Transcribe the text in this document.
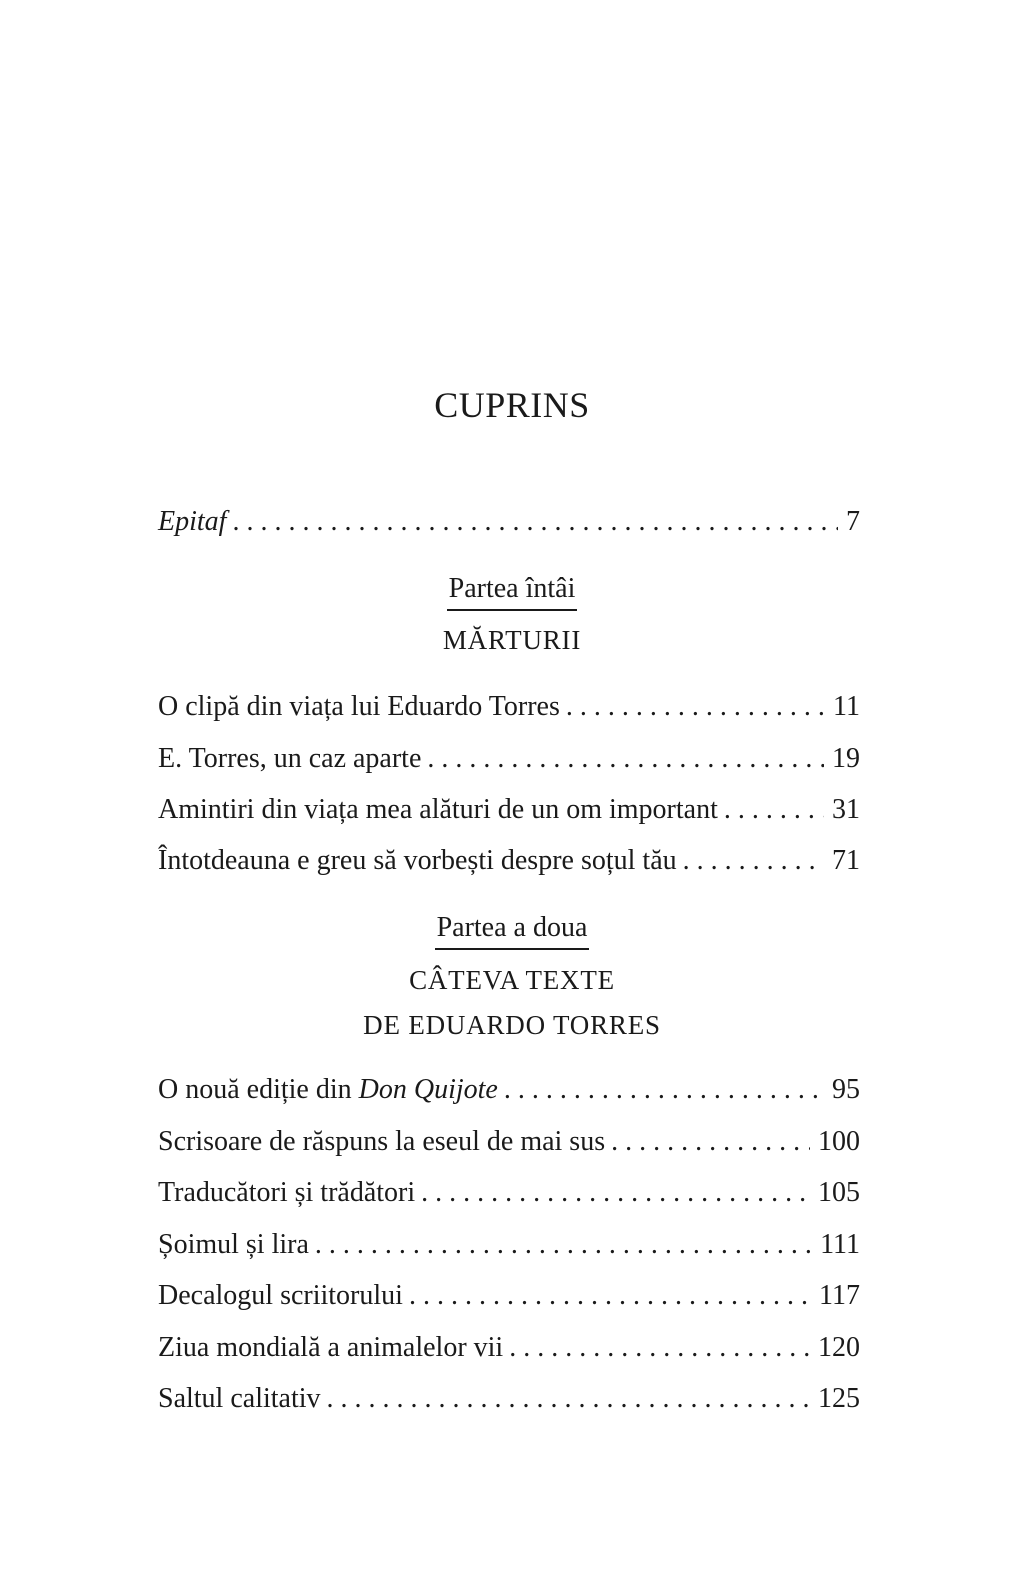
CUPRINS
Epitaf . . .	7
O clipă din viața lui Eduardo Torres . . .	11
E. Torres, un caz aparte . . .	19
Amintiri din viața mea alături de un om important . . .	31
Întotdeauna e greu să vorbești despre soțul tău . . .	71
O nouă ediție din Don Quijote . . .	95
Scrisoare de răspuns la eseul de mai sus . . .	100
Traducători și trădători . . .	105
Șoimul și lira . . .	111
Decalogul scriitorului . . .	117
Ziua mondială a animalelor vii . . .	120
Saltul calitativ . . .	125
Partea întâi
MĂRTURII
Partea a doua
CÂTEVA TEXTE
DE EDUARDO TORRES
